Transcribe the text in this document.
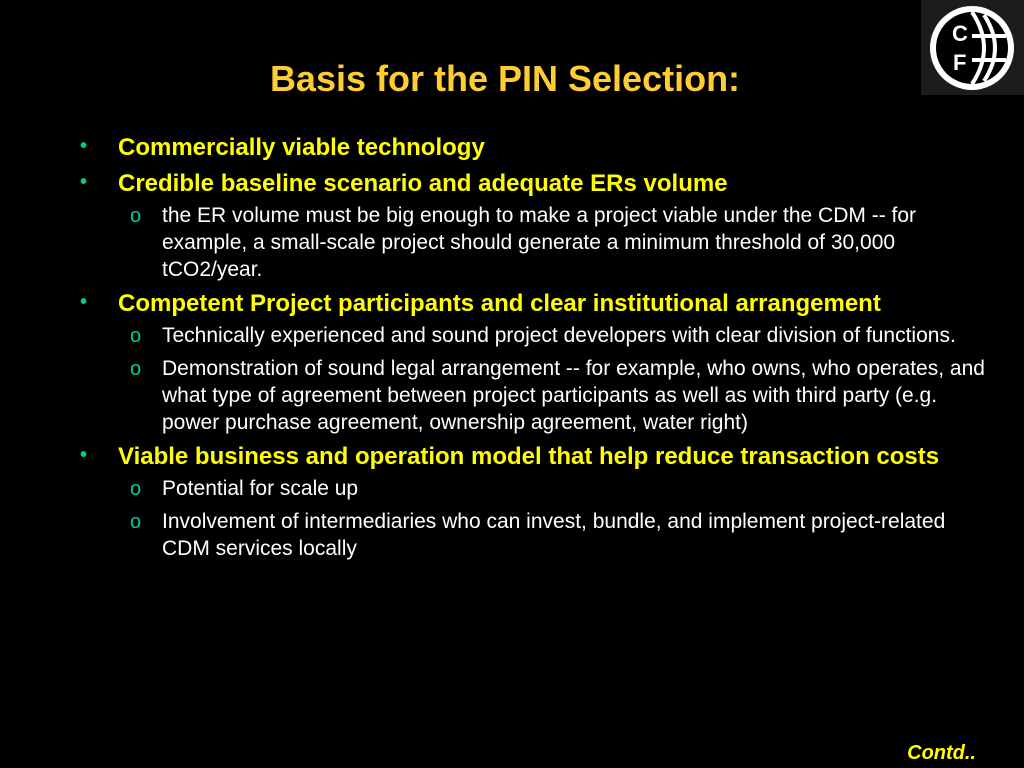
C
F
Basis for the PIN Selection:
• Commercially viable technology
• Credible baseline scenario and adequate ERs volume
o the ER volume must be big enough to make a project viable under the CDM -- for example, a small-scale project should generate a minimum threshold of 30,000 tCO2/year.
• Competent Project participants and clear institutional arrangement
o Technically experienced and sound project developers with clear division of functions.
o Demonstration of sound legal arrangement -- for example, who owns, who operates, and what type of agreement between project participants as well as with third party (e.g. power purchase agreement, ownership agreement, water right)
• Viable business and operation model that help reduce transaction costs
o Potential for scale up
o Involvement of intermediaries who can invest, bundle, and implement project-related CDM services locally
Contd..
